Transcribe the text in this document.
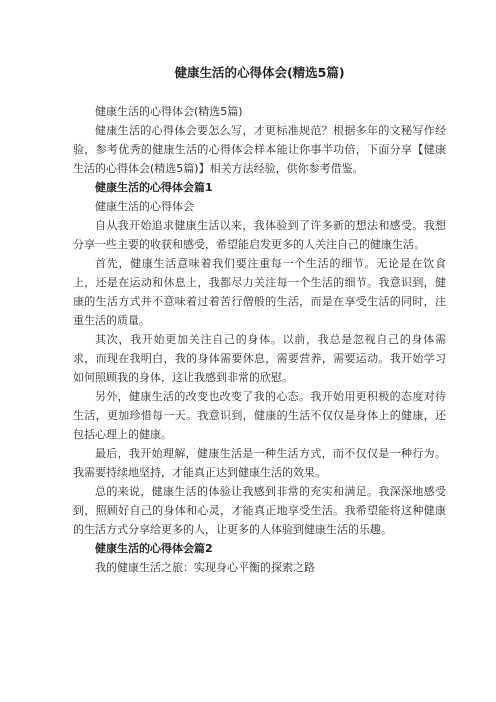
健康生活的心得体会(精选5篇)

健康生活的心得体会(精选5篇)

健康生活的心得体会要怎么写，才更标准规范？根据多年的文秘写作经验，参考优秀的健康生活的心得体会样本能让你事半功倍，下面分享【健康生活的心得体会(精选5篇)】相关方法经验，供你参考借鉴。

健康生活的心得体会篇1

健康生活的心得体会

自从我开始追求健康生活以来，我体验到了许多新的想法和感受。我想分享一些主要的收获和感受，希望能启发更多的人关注自己的健康生活。

首先，健康生活意味着我们要注重每一个生活的细节。无论是在饮食上，还是在运动和休息上，我都尽力关注每一个生活的细节。我意识到，健康的生活方式并不意味着过着苦行僧般的生活，而是在享受生活的同时，注重生活的质量。

其次，我开始更加关注自己的身体。以前，我总是忽视自己的身体需求，而现在我明白，我的身体需要休息，需要营养，需要运动。我开始学习如何照顾我的身体，这让我感到非常的欣慰。

另外，健康生活的改变也改变了我的心态。我开始用更积极的态度对待生活，更加珍惜每一天。我意识到，健康的生活不仅仅是身体上的健康，还包括心理上的健康。

最后，我开始理解，健康生活是一种生活方式，而不仅仅是一种行为。我需要持续地坚持，才能真正达到健康生活的效果。

总的来说，健康生活的体验让我感到非常的充实和满足。我深深地感受到，照顾好自己的身体和心灵，才能真正地享受生活。我希望能将这种健康的生活方式分享给更多的人，让更多的人体验到健康生活的乐趣。

健康生活的心得体会篇2

我的健康生活之旅：实现身心平衡的探索之路
